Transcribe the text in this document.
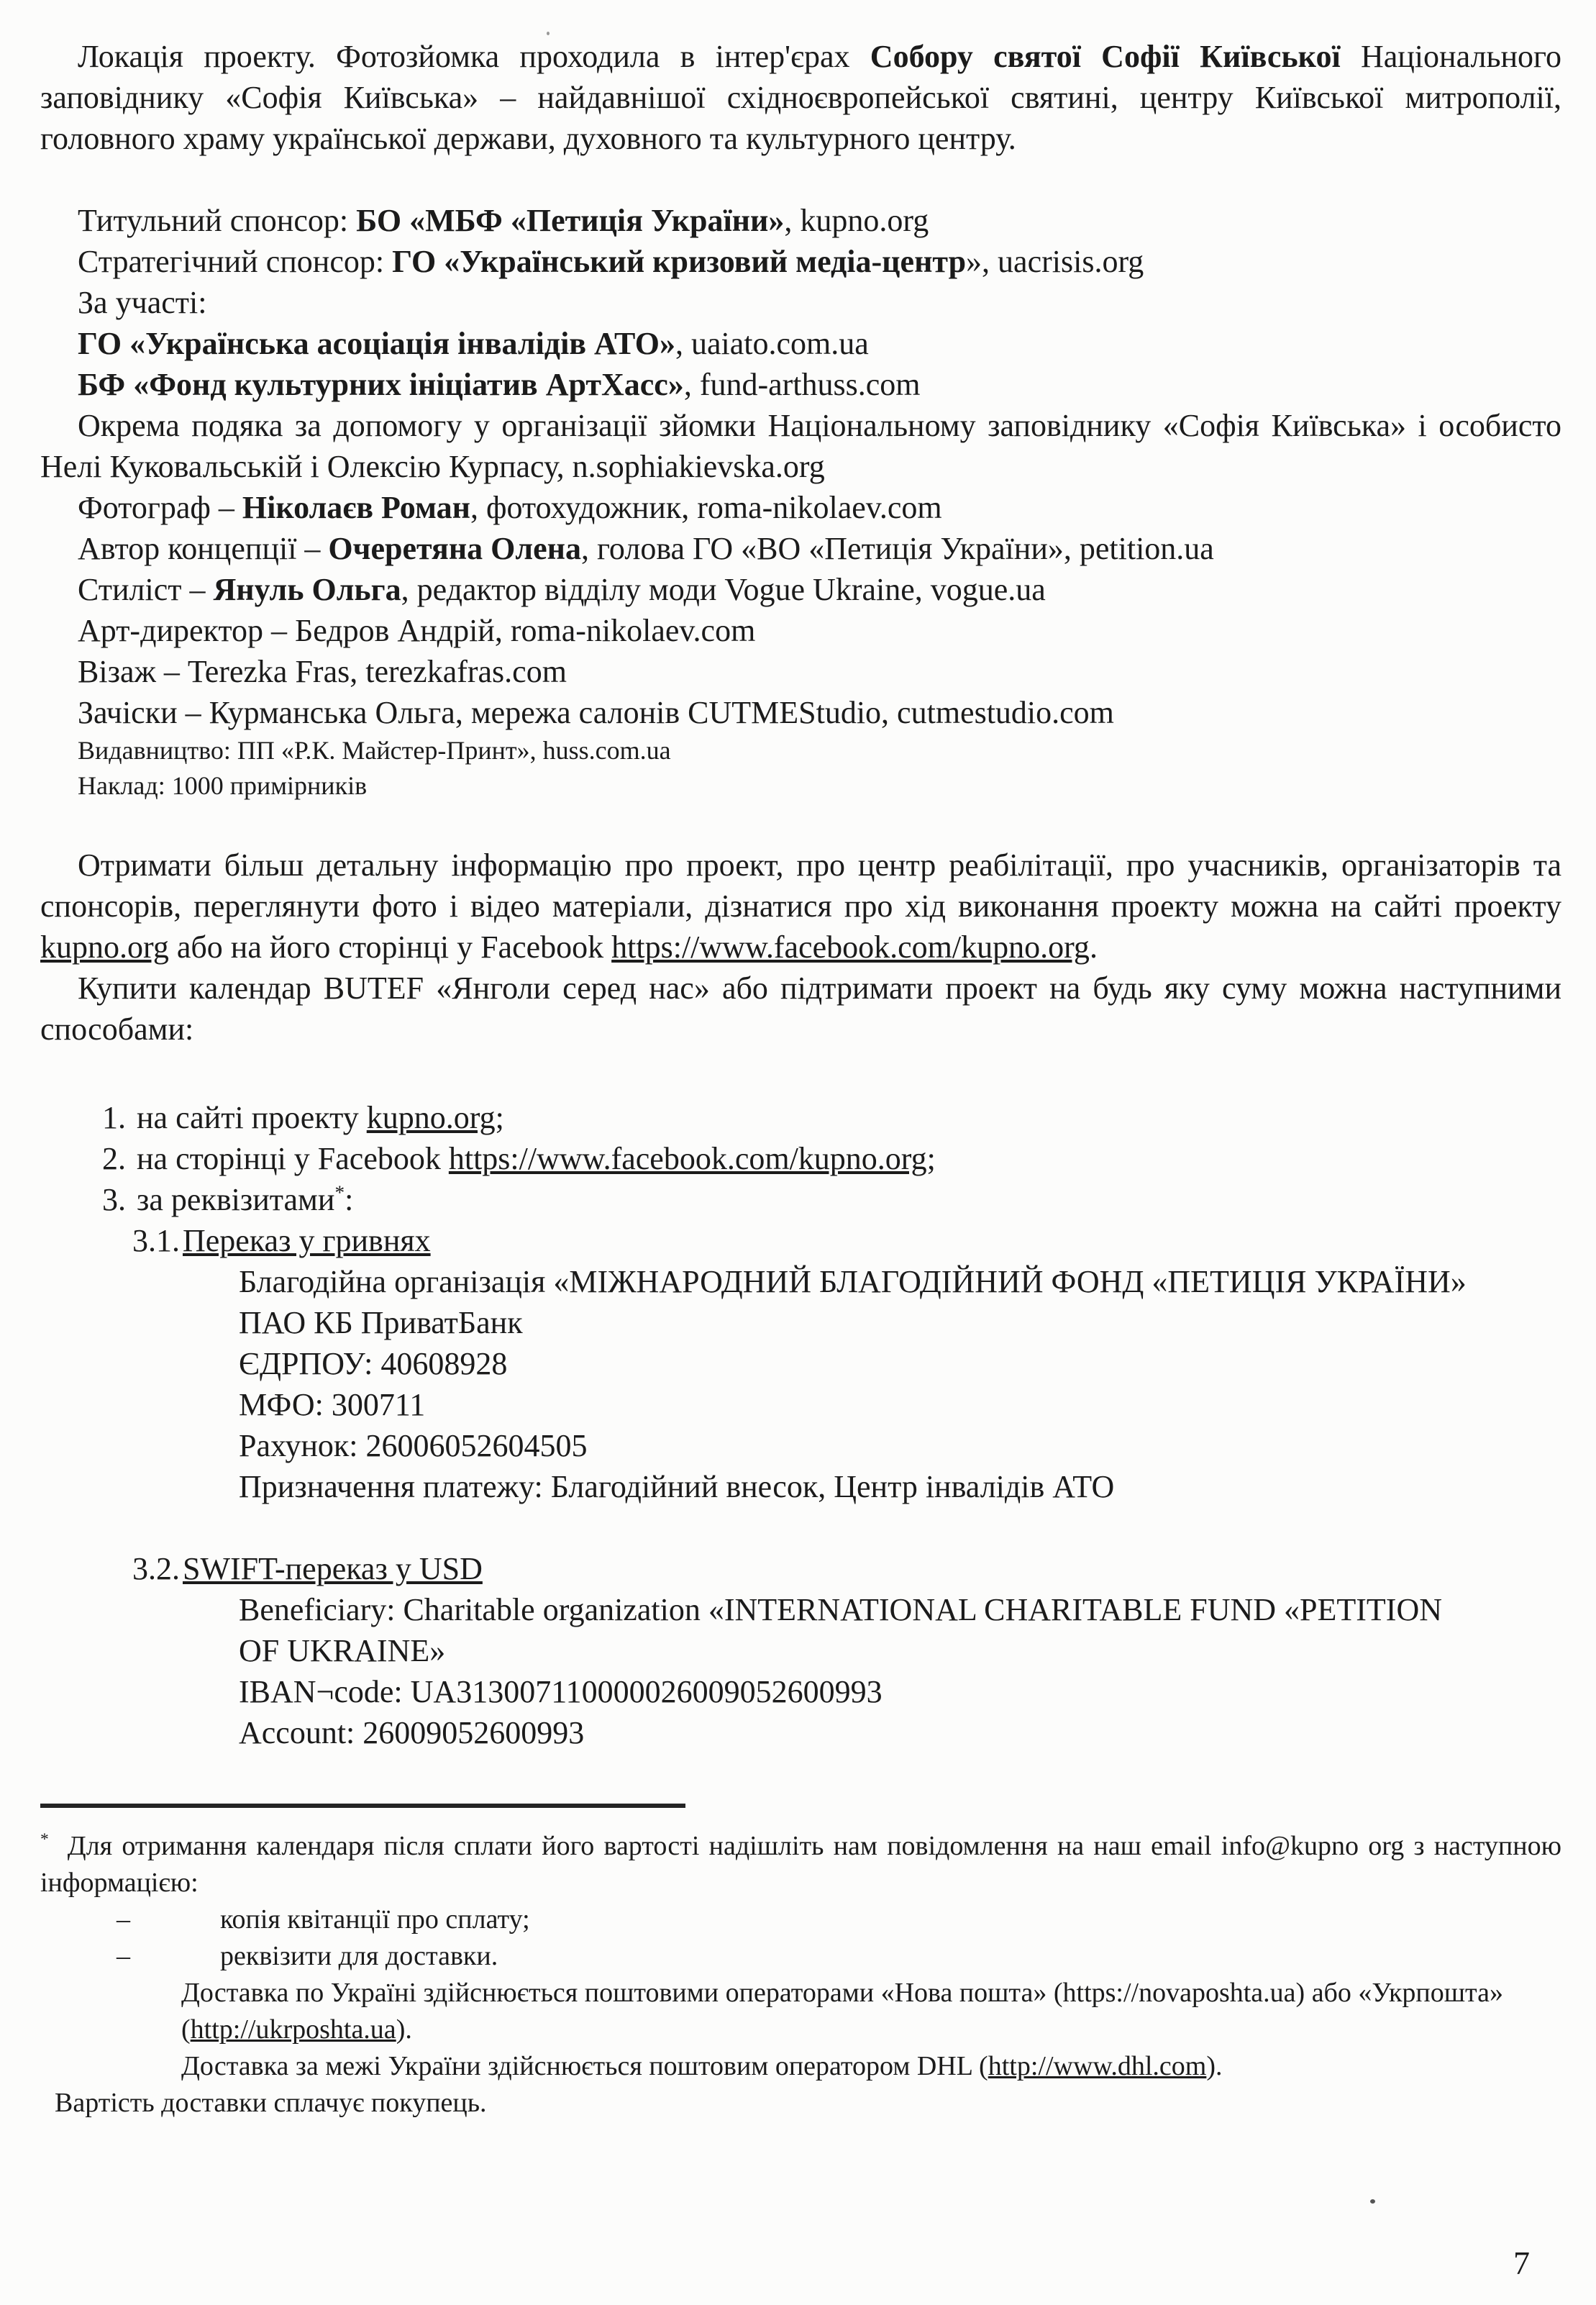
Локація проекту. Фотозйомка проходила в інтер'єрах Собору святої Софії Київської Національного заповіднику «Софія Київська» – найдавнішої східноєвропейської святині, центру Київської митрополії, головного храму української держави, духовного та культурного центру.

Титульний спонсор: БО «МБФ «Петиція України», kupno.org

Стратегічний спонсор: ГО «Український кризовий медіа-центр», uacrisis.org

За участі:

ГО «Українська асоціація інвалідів АТО», uaiato.com.ua

БФ «Фонд культурних ініціатив АртХасс», fund-arthuss.com

Окрема подяка за допомогу у організації зйомки Національному заповіднику «Софія Київська» і особисто Нелі Куковальській і Олексію Курпасу, n.sophiakievska.org

Фотограф – Ніколаєв Роман, фотохудожник, roma-nikolaev.com

Автор концепції – Очеретяна Олена, голова ГО «ВО «Петиція України», petition.ua

Стиліст – Януль Ольга, редактор відділу моди Vogue Ukraine, vogue.ua

Арт-директор – Бедров Андрій, roma-nikolaev.com

Візаж – Terezka Fras, terezkafras.com

Зачіски – Курманська Ольга, мережа салонів CUTMEStudio, cutmestudio.com

Видавництво: ПП «Р.К. Майстер-Принт», huss.com.ua

Наклад: 1000 примірників

Отримати більш детальну інформацію про проект, про центр реабілітації, про учасників, організаторів та спонсорів, переглянути фото і відео матеріали, дізнатися про хід виконання проекту можна на сайті проекту kupno.org або на його сторінці у Facebook https://www.facebook.com/kupno.org.

Купити календар BUTEF «Янголи серед нас» або підтримати проект на будь яку суму можна наступними способами:

1. на сайті проекту kupno.org;

2. на сторінці у Facebook https://www.facebook.com/kupno.org;

3. за реквізитами*:

3.1.Переказ у гривнях

Благодійна організація «МІЖНАРОДНИЙ БЛАГОДІЙНИЙ ФОНД «ПЕТИЦІЯ УКРАЇНИ»

ПАО КБ ПриватБанк

ЄДРПОУ: 40608928

МФО: 300711

Рахунок: 26006052604505

Призначення платежу: Благодійний внесок, Центр інвалідів АТО

3.2.SWIFT-переказ у USD

Beneficiary: Charitable organization «INTERNATIONAL CHARITABLE FUND «PETITION OF UKRAINE»

IBAN¬code: UA313007110000026009052600993

Account: 26009052600993

* Для отримання календаря після сплати його вартості надішліть нам повідомлення на наш email info@kupno org з наступною інформацією:

–	копія квітанції про сплату;

–	реквізити для доставки.

Доставка по Україні здійснюється поштовими операторами «Нова пошта» (https://novaposhta.ua) або «Укрпошта» (http://ukrposhta.ua).

Доставка за межі України здійснюється поштовим оператором DHL (http://www.dhl.com).

Вартість доставки сплачує покупець.

7
